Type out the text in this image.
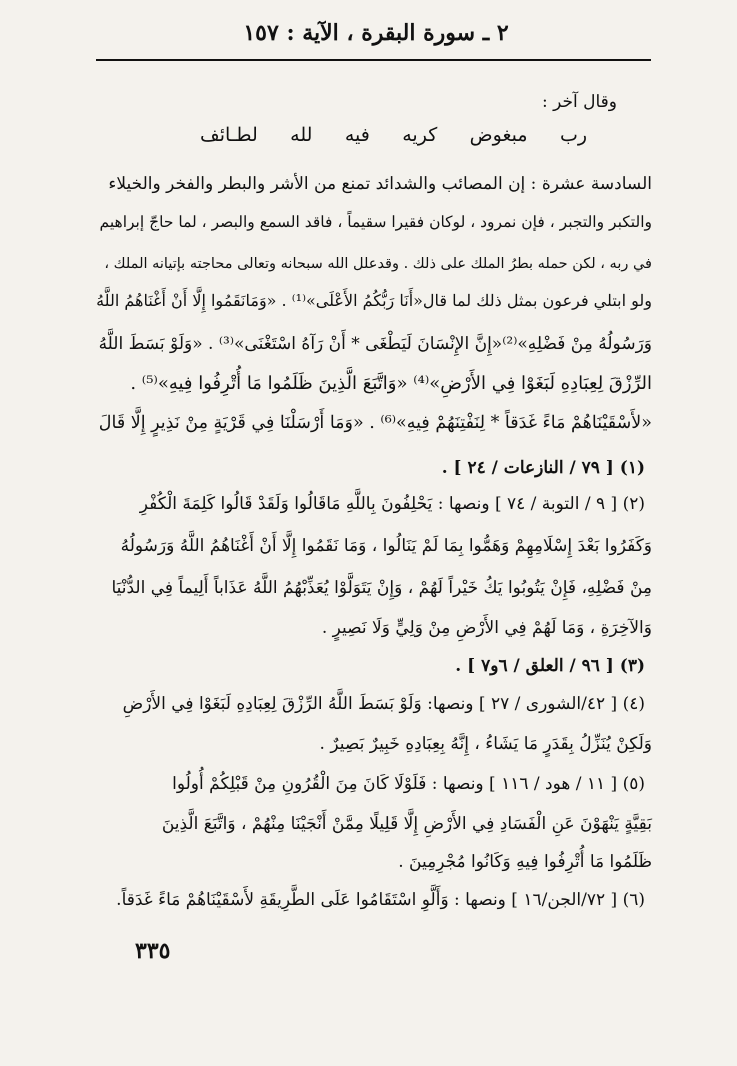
٢ ـ سورة البقرة ، الآية : ١٥٧
وقال آخر :
رب
مبغوض
كريه
فيه
لله
لطـائف
السادسة عشرة : إن المصائب والشدائد تمنع من الأشر والبطر والفخر والخيلاء
والتكبر والتجبر ، فإن نمرود ، لوكان فقيرا سقيماً ، فاقد السمع والبصر ، لما حاجّ إبراهيم
في ربه ، لكن حمله بطرُ الملك على ذلك . وقدعلل الله سبحانه وتعالى محاجته بإتيانه الملك ،
ولو ابتلي فرعون بمثل ذلك لما قال«أَنَا رَبُّكُمُ الأَعْلَى»⁽¹⁾ . «وَمَانَقَمُوا إِلَّا أَنْ أَغْنَاهُمُ اللَّهُ
وَرَسُولُهُ مِنْ فَضْلِهِ»⁽²⁾«إِنَّ الإِنْسَانَ لَيَطْغَى * أَنْ رَآهُ اسْتَغْنَى»⁽³⁾ . «وَلَوْ بَسَطَ اللَّهُ
الرِّزْقَ لِعِبَادِهِ لَبَغَوْا فِي الأَرْضِ»⁽⁴⁾ «وَاتَّبَعَ الَّذِينَ ظَلَمُوا مَا أُتْرِفُوا فِيهِ»⁽⁵⁾ .
«لأَسْقَيْنَاهُمْ مَاءً غَدَقاً * لِنَفْتِنَهُمْ فِيهِ»⁽⁶⁾ . «وَمَا أَرْسَلْنَا فِي قَرْيَةٍ مِنْ نَذِيرٍ إِلَّا قَالَ
(١) [ ٧٩ / النازعات / ٢٤ ] .
(٢) [ ٩ / التوبة / ٧٤ ] ونصها : يَحْلِفُونَ بِاللَّهِ مَاقَالُوا وَلَقَدْ قَالُوا كَلِمَةَ الْكُفْرِ
وَكَفَرُوا بَعْدَ إِسْلَامِهِمْ وَهَمُّوا بِمَا لَمْ يَنَالُوا ، وَمَا نَقَمُوا إِلَّا أَنْ أَغْنَاهُمُ اللَّهُ وَرَسُولُهُ
مِنْ فَضْلِهِ، فَإِنْ يَتُوبُوا يَكُ خَيْراً لَهُمْ ، وَإِنْ يَتَوَلَّوْا يُعَذِّبْهُمُ اللَّهُ عَذَاباً أَلِيماً فِي الدُّنْيَا
وَالآخِرَةِ ، وَمَا لَهُمْ فِي الأَرْضِ مِنْ وَلِيٍّ وَلَا نَصِيرٍ .
(٣) [ ٩٦ / العلق / ٦و٧ ] .
(٤) [ ٤٢/الشورى / ٢٧ ] ونصها: وَلَوْ بَسَطَ اللَّهُ الرِّزْقَ لِعِبَادِهِ لَبَغَوْا فِي الأَرْضِ
وَلَكِنْ يُنَزِّلُ بِقَدَرٍ مَا يَشَاءُ ، إِنَّهُ بِعِبَادِهِ خَبِيرٌ بَصِيرٌ .
(٥) [ ١١ / هود / ١١٦ ] ونصها : فَلَوْلَا كَانَ مِنَ الْقُرُونِ مِنْ قَبْلِكُمْ أُولُوا
بَقِيَّةٍ يَنْهَوْنَ عَنِ الْفَسَادِ فِي الأَرْضِ إِلَّا قَلِيلًا مِمَّنْ أَنْجَيْنَا مِنْهُمْ ، وَاتَّبَعَ الَّذِينَ
ظَلَمُوا مَا أُتْرِفُوا فِيهِ وَكَانُوا مُجْرِمِينَ .
(٦) [ ٧٢/الجن/١٦ ] ونصها : وَأَلَّوِ اسْتَقَامُوا عَلَى الطَّرِيقَةِ لأَسْقَيْنَاهُمْ مَاءً غَدَقاً.
٣٣٥
